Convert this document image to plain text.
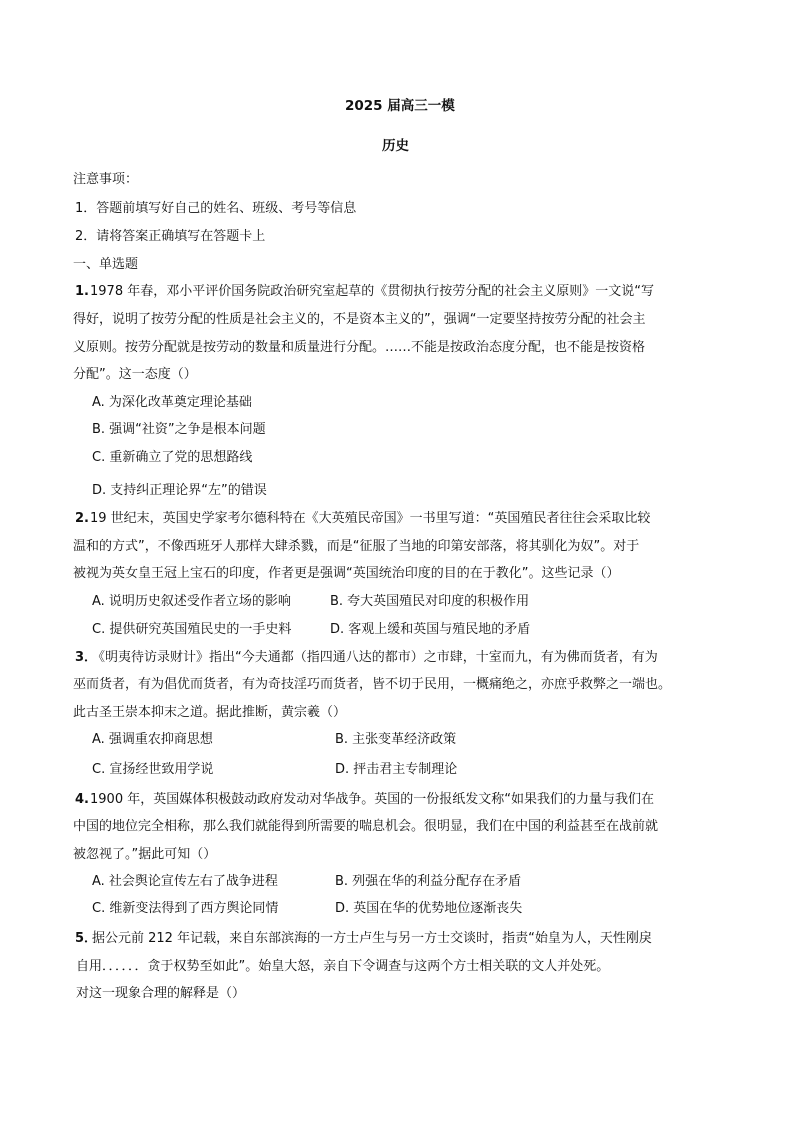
2025 届高三一模
历史
注意事项：
1．答题前填写好自己的姓名、班级、考号等信息
2．请将答案正确填写在答题卡上
一、单选题
1. 1978 年春，邓小平评价国务院政治研究室起草的《贯彻执行按劳分配的社会主义原则》一文说“写
得好，说明了按劳分配的性质是社会主义的，不是资本主义的”，强调“一定要坚持按劳分配的社会主
义原则。按劳分配就是按劳动的数量和质量进行分配。……不能是按政治态度分配，也不能是按资格
分配”。这一态度（）
A. 为深化改革奠定理论基础
B. 强调“社资”之争是根本问题
C. 重新确立了党的思想路线
D. 支持纠正理论界“左”的错误
2. 19 世纪末，英国史学家考尔德科特在《大英殖民帝国》一书里写道：“英国殖民者往往会采取比较
温和的方式”，不像西班牙人那样大肆杀戮，而是“征服了当地的印第安部落，将其驯化为奴”。对于
被视为英女皇王冠上宝石的印度，作者更是强调“英国统治印度的目的在于教化”。这些记录（）
A. 说明历史叙述受作者立场的影响	B. 夸大英国殖民对印度的积极作用
C. 提供研究英国殖民史的一手史料	D. 客观上缓和英国与殖民地的矛盾
3．
《明夷待访录财计》指出“今夫通都（指四通八达的都市）之市肆，十室而九，有为佛而货者，有为
巫而货者，有为倡优而货者，有为奇技淫巧而货者，皆不切于民用，一概痛绝之，亦庶乎救弊之一端也。
此古圣王崇本抑末之道。据此推断，黄宗羲（）
A. 强调重农抑商思想	B. 主张变革经济政策
C. 宣扬经世致用学说	D. 抨击君主专制理论
4. 1900 年，英国媒体积极鼓动政府发动对华战争。英国的一份报纸发文称“如果我们的力量与我们在
中国的地位完全相称，那么我们就能得到所需要的喘息机会。很明显，我们在中国的利益甚至在战前就
被忽视了。”据此可知（）
A. 社会舆论宣传左右了战争进程	B. 列强在华的利益分配存在矛盾
C. 维新变法得到了西方舆论同情	D. 英国在华的优势地位逐渐丧失
5．
据公元前 212 年记载，来自东部滨海的一方士卢生与另一方士交谈时，指责“始皇为人，天性刚戾
自用．．．．．．贪于权势至如此”。始皇大怒，亲自下令调查与这两个方士相关联的文人并处死。
对这一现象合理的解释是（）
